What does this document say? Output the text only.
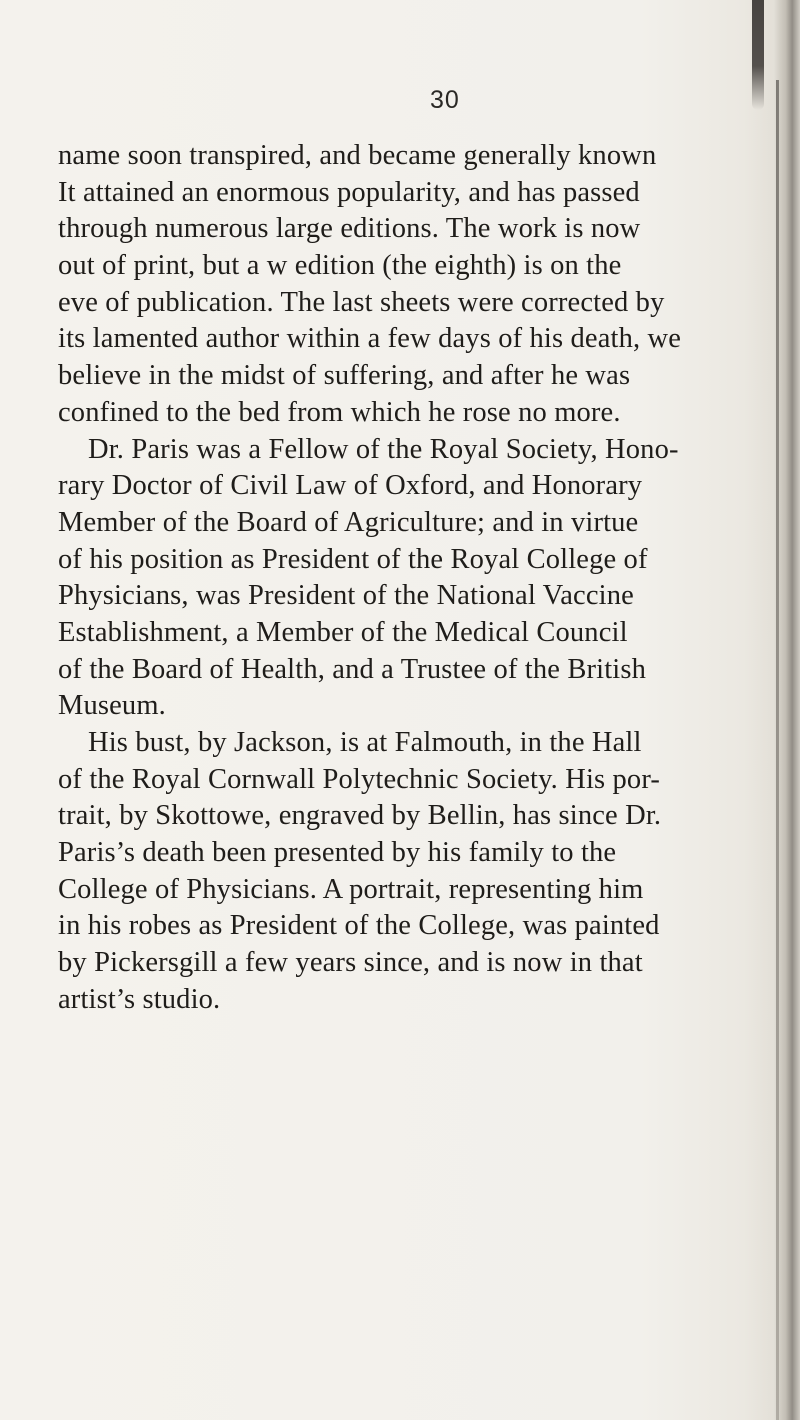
30
name soon transpired, and became generally known
It attained an enormous popularity, and has passed
through numerous large editions. The work is now
out of print, but a w edition (the eighth) is on the
eve of publication. The last sheets were corrected by
its lamented author within a few days of his death, we
believe in the midst of suffering, and after he was
confined to the bed from which he rose no more.
Dr. Paris was a Fellow of the Royal Society, Hono-
rary Doctor of Civil Law of Oxford, and Honorary
Member of the Board of Agriculture; and in virtue
of his position as President of the Royal College of
Physicians, was President of the National Vaccine
Establishment, a Member of the Medical Council
of the Board of Health, and a Trustee of the British
Museum.
His bust, by Jackson, is at Falmouth, in the Hall
of the Royal Cornwall Polytechnic Society. His por-
trait, by Skottowe, engraved by Bellin, has since Dr.
Paris’s death been presented by his family to the
College of Physicians. A portrait, representing him
in his robes as President of the College, was painted
by Pickersgill a few years since, and is now in that
artist’s studio.
